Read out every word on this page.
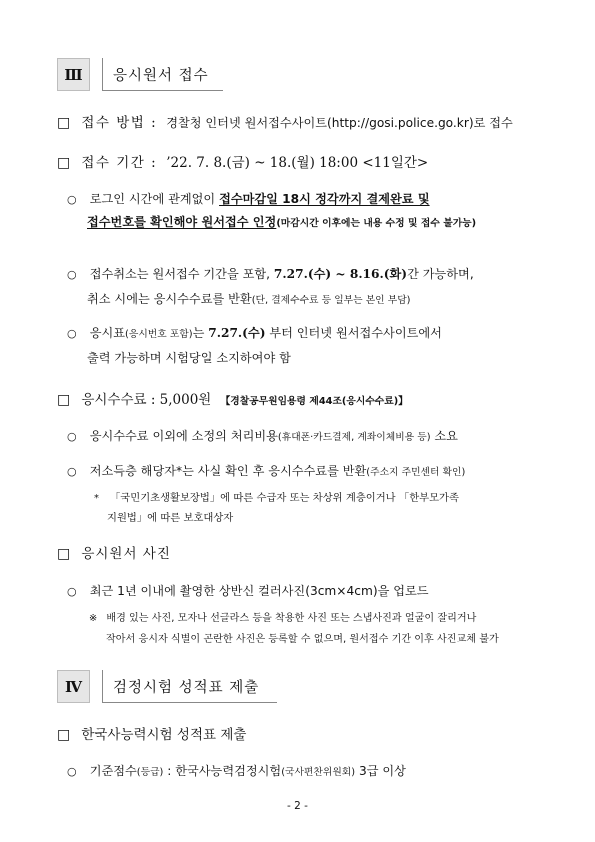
Ⅲ	응시원서 접수
□ 접수 방법 : 경찰청 인터넷 원서접수사이트(http://gosi.police.go.kr)로 접수
□ 접수 기간 : ’22. 7. 8.(금) ~ 18.(월) 18:00 <11일간>
○ 로그인 시간에 관계없이 접수마감일 18시 정각까지 결제완료 및
접수번호를 확인해야 원서접수 인정(마감시간 이후에는 내용 수정 및 접수 불가능)
○ 접수취소는 원서접수 기간을 포함, 7.27.(수) ~ 8.16.(화)간 가능하며,
취소 시에는 응시수수료를 반환(단, 결제수수료 등 일부는 본인 부담)
○ 응시표(응시번호 포함)는 7.27.(수) 부터 인터넷 원서접수사이트에서
출력 가능하며 시험당일 소지하여야 함
□ 응시수수료 : 5,000원 【경찰공무원임용령 제44조(응시수수료)】
○ 응시수수료 이외에 소정의 처리비용(휴대폰·카드결제, 계좌이체비용 등) 소요
○ 저소득층 해당자*는 사실 확인 후 응시수수료를 반환(주소지 주민센터 확인)
* 「국민기초생활보장법」에 따른 수급자 또는 차상위 계층이거나 「한부모가족
지원법」에 따른 보호대상자
□ 응시원서 사진
○ 최근 1년 이내에 촬영한 상반신 컬러사진(3cm×4cm)을 업로드
※ 배경 있는 사진, 모자나 선글라스 등을 착용한 사진 또는 스냅사진과 얼굴이 잘리거나
작아서 응시자 식별이 곤란한 사진은 등록할 수 없으며, 원서접수 기간 이후 사진교체 불가
Ⅳ	검정시험 성적표 제출
□ 한국사능력시험 성적표 제출
○ 기준점수(등급) : 한국사능력검정시험(국사편찬위원회) 3급 이상
- 2 -
